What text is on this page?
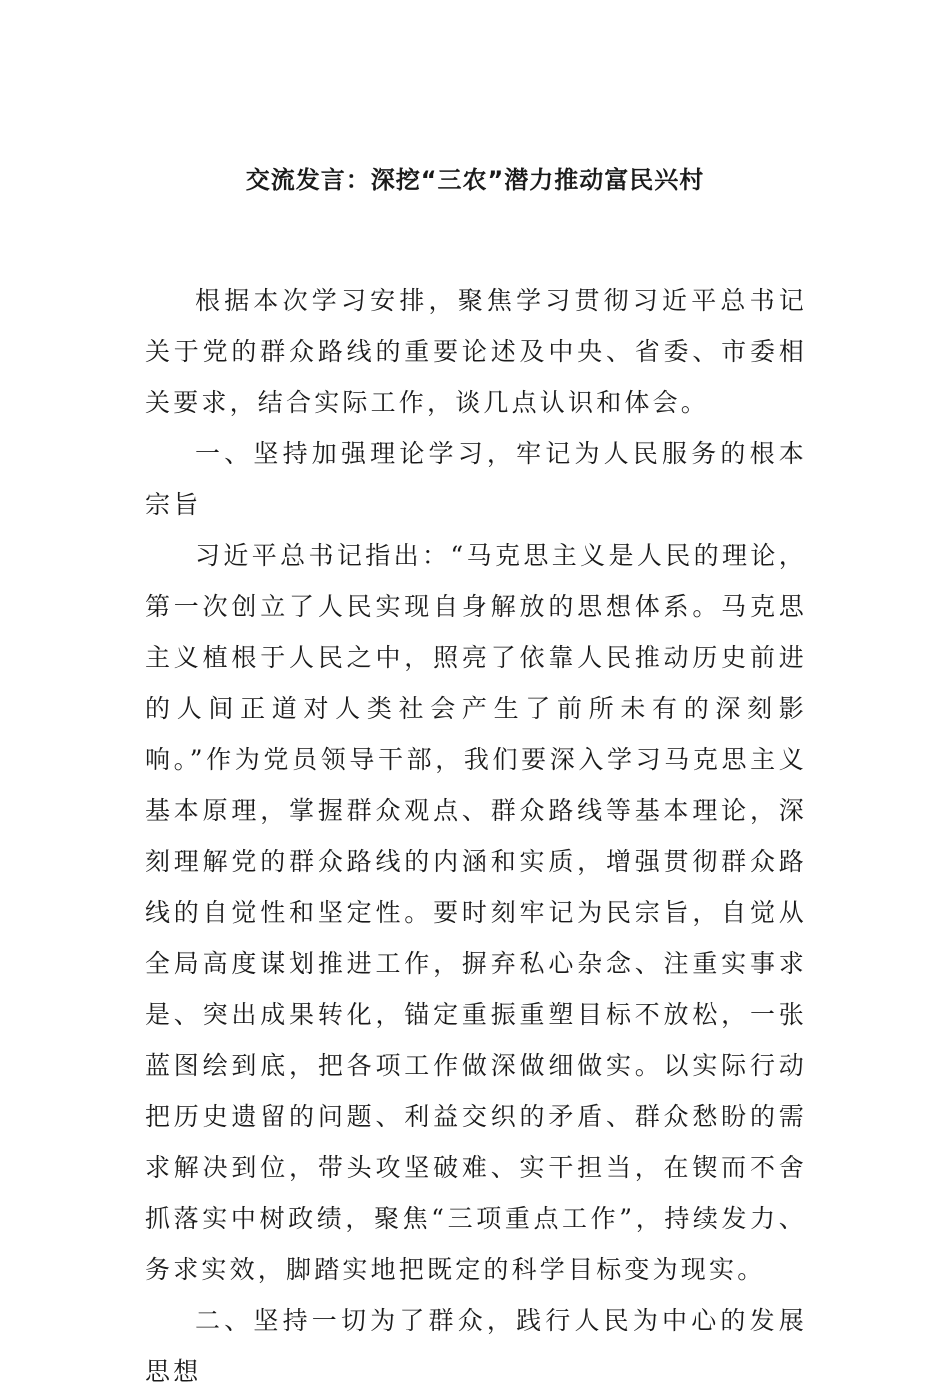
交流发言：深挖“三农”潜力推动富民兴村

根据本次学习安排，聚焦学习贯彻习近平总书记关于党的群众路线的重要论述及中央、省委、市委相关要求，结合实际工作，谈几点认识和体会。

一、坚持加强理论学习，牢记为人民服务的根本宗旨

习近平总书记指出：“马克思主义是人民的理论，第一次创立了人民实现自身解放的思想体系。马克思主义植根于人民之中，照亮了依靠人民推动历史前进的人间正道对人类社会产生了前所未有的深刻影响。”作为党员领导干部，我们要深入学习马克思主义基本原理，掌握群众观点、群众路线等基本理论，深刻理解党的群众路线的内涵和实质，增强贯彻群众路线的自觉性和坚定性。要时刻牢记为民宗旨，自觉从全局高度谋划推进工作，摒弃私心杂念、注重实事求是、突出成果转化，锚定重振重塑目标不放松，一张蓝图绘到底，把各项工作做深做细做实。以实际行动把历史遗留的问题、利益交织的矛盾、群众愁盼的需求解决到位，带头攻坚破难、实干担当，在锲而不舍抓落实中树政绩，聚焦“三项重点工作”，持续发力、务求实效，脚踏实地把既定的科学目标变为现实。

二、坚持一切为了群众，践行人民为中心的发展思想
